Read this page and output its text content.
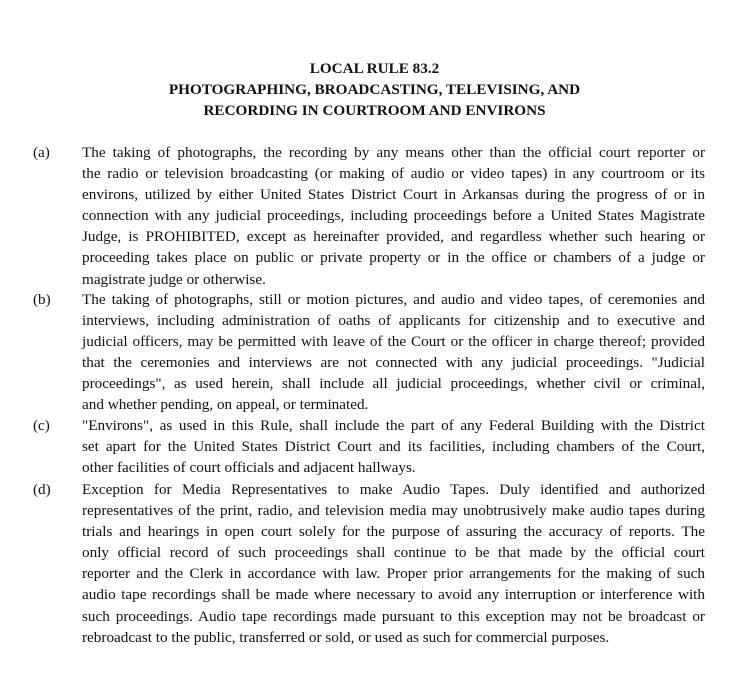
LOCAL RULE 83.2
PHOTOGRAPHING, BROADCASTING, TELEVISING, AND
RECORDING IN COURTROOM AND ENVIRONS
(a) The taking of photographs, the recording by any means other than the official court reporter or
the radio or television broadcasting (or making of audio or video tapes) in any courtroom or its
environs, utilized by either United States District Court in Arkansas during the progress of or in
connection with any judicial proceedings, including proceedings before a United States Magistrate
Judge, is PROHIBITED, except as hereinafter provided, and regardless whether such hearing or
proceeding takes place on public or private property or in the office or chambers of a judge or
magistrate judge or otherwise.
(b) The taking of photographs, still or motion pictures, and audio and video tapes, of ceremonies and
interviews, including administration of oaths of applicants for citizenship and to executive and
judicial officers, may be permitted with leave of the Court or the officer in charge thereof; provided
that the ceremonies and interviews are not connected with any judicial proceedings. "Judicial
proceedings", as used herein, shall include all judicial proceedings, whether civil or criminal,
and whether pending, on appeal, or terminated.
(c) "Environs", as used in this Rule, shall include the part of any Federal Building with the District
set apart for the United States District Court and its facilities, including chambers of the Court,
other facilities of court officials and adjacent hallways.
(d) Exception for Media Representatives to make Audio Tapes. Duly identified and authorized
representatives of the print, radio, and television media may unobtrusively make audio tapes during
trials and hearings in open court solely for the purpose of assuring the accuracy of reports. The
only official record of such proceedings shall continue to be that made by the official court
reporter and the Clerk in accordance with law. Proper prior arrangements for the making of such
audio tape recordings shall be made where necessary to avoid any interruption or interference with
such proceedings. Audio tape recordings made pursuant to this exception may not be broadcast or
rebroadcast to the public, transferred or sold, or used as such for commercial purposes.
